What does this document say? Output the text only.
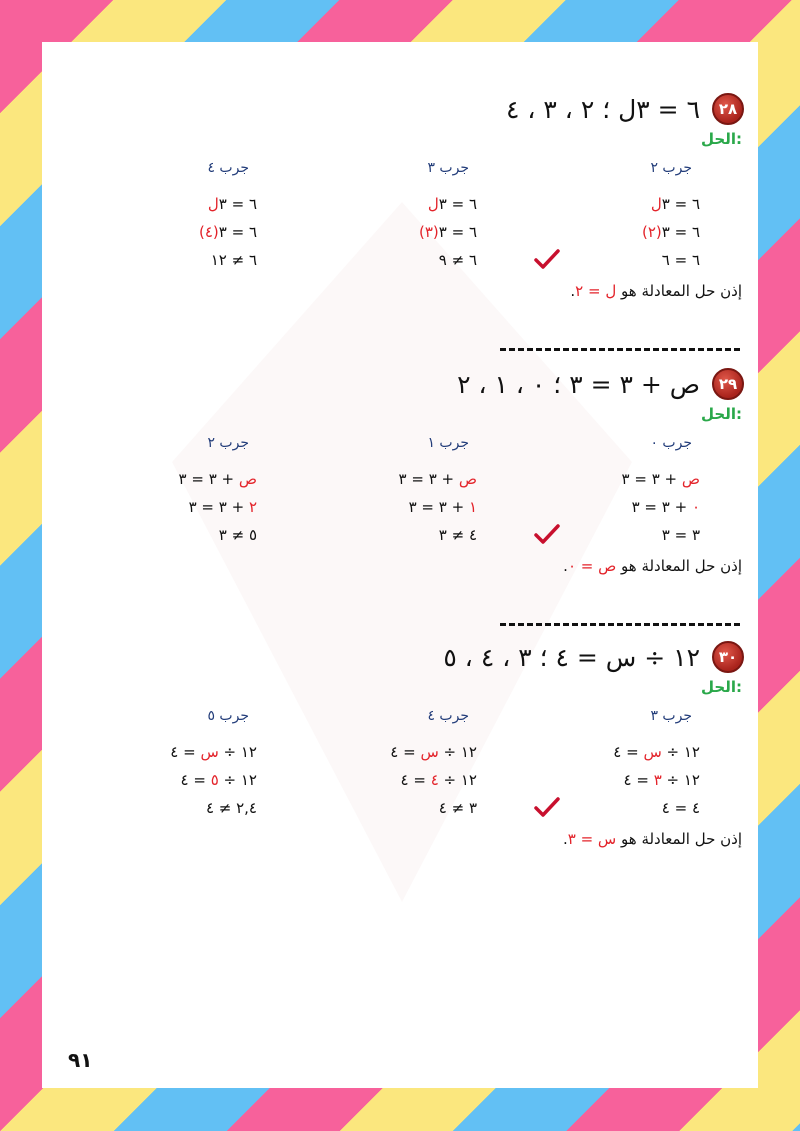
٢٨
٦ = ٣ل ؛ ٢ ، ٣ ، ٤
الحل:
جرب ٢
٦ = ٣ل
٦ = ٣(٢)
٦ = ٦
جرب ٣
٦ = ٣ل
٦ = ٣(٣)
٦ ≠ ٩
جرب ٤
٦ = ٣ل
٦ = ٣(٤)
٦ ≠ ١٢
إذن حل المعادلة هو ل = ٢.
٢٩
ص + ٣ = ٣ ؛ ٠ ، ١ ، ٢
الحل:
جرب ٠
ص + ٣ = ٣
٠ + ٣ = ٣
٣ = ٣
جرب ١
ص + ٣ = ٣
١ + ٣ = ٣
٤ ≠ ٣
جرب ٢
ص + ٣ = ٣
٢ + ٣ = ٣
٥ ≠ ٣
إذن حل المعادلة هو ص = ٠.
٣٠
١٢ ÷ س = ٤ ؛ ٣ ، ٤ ، ٥
الحل:
جرب ٣
١٢ ÷ س = ٤
١٢ ÷ ٣ = ٤
٤ = ٤
جرب ٤
١٢ ÷ س = ٤
١٢ ÷ ٤ = ٤
٣ ≠ ٤
جرب ٥
١٢ ÷ س = ٤
١٢ ÷ ٥ = ٤
٢,٤ ≠ ٤
إذن حل المعادلة هو س = ٣.
٩١
